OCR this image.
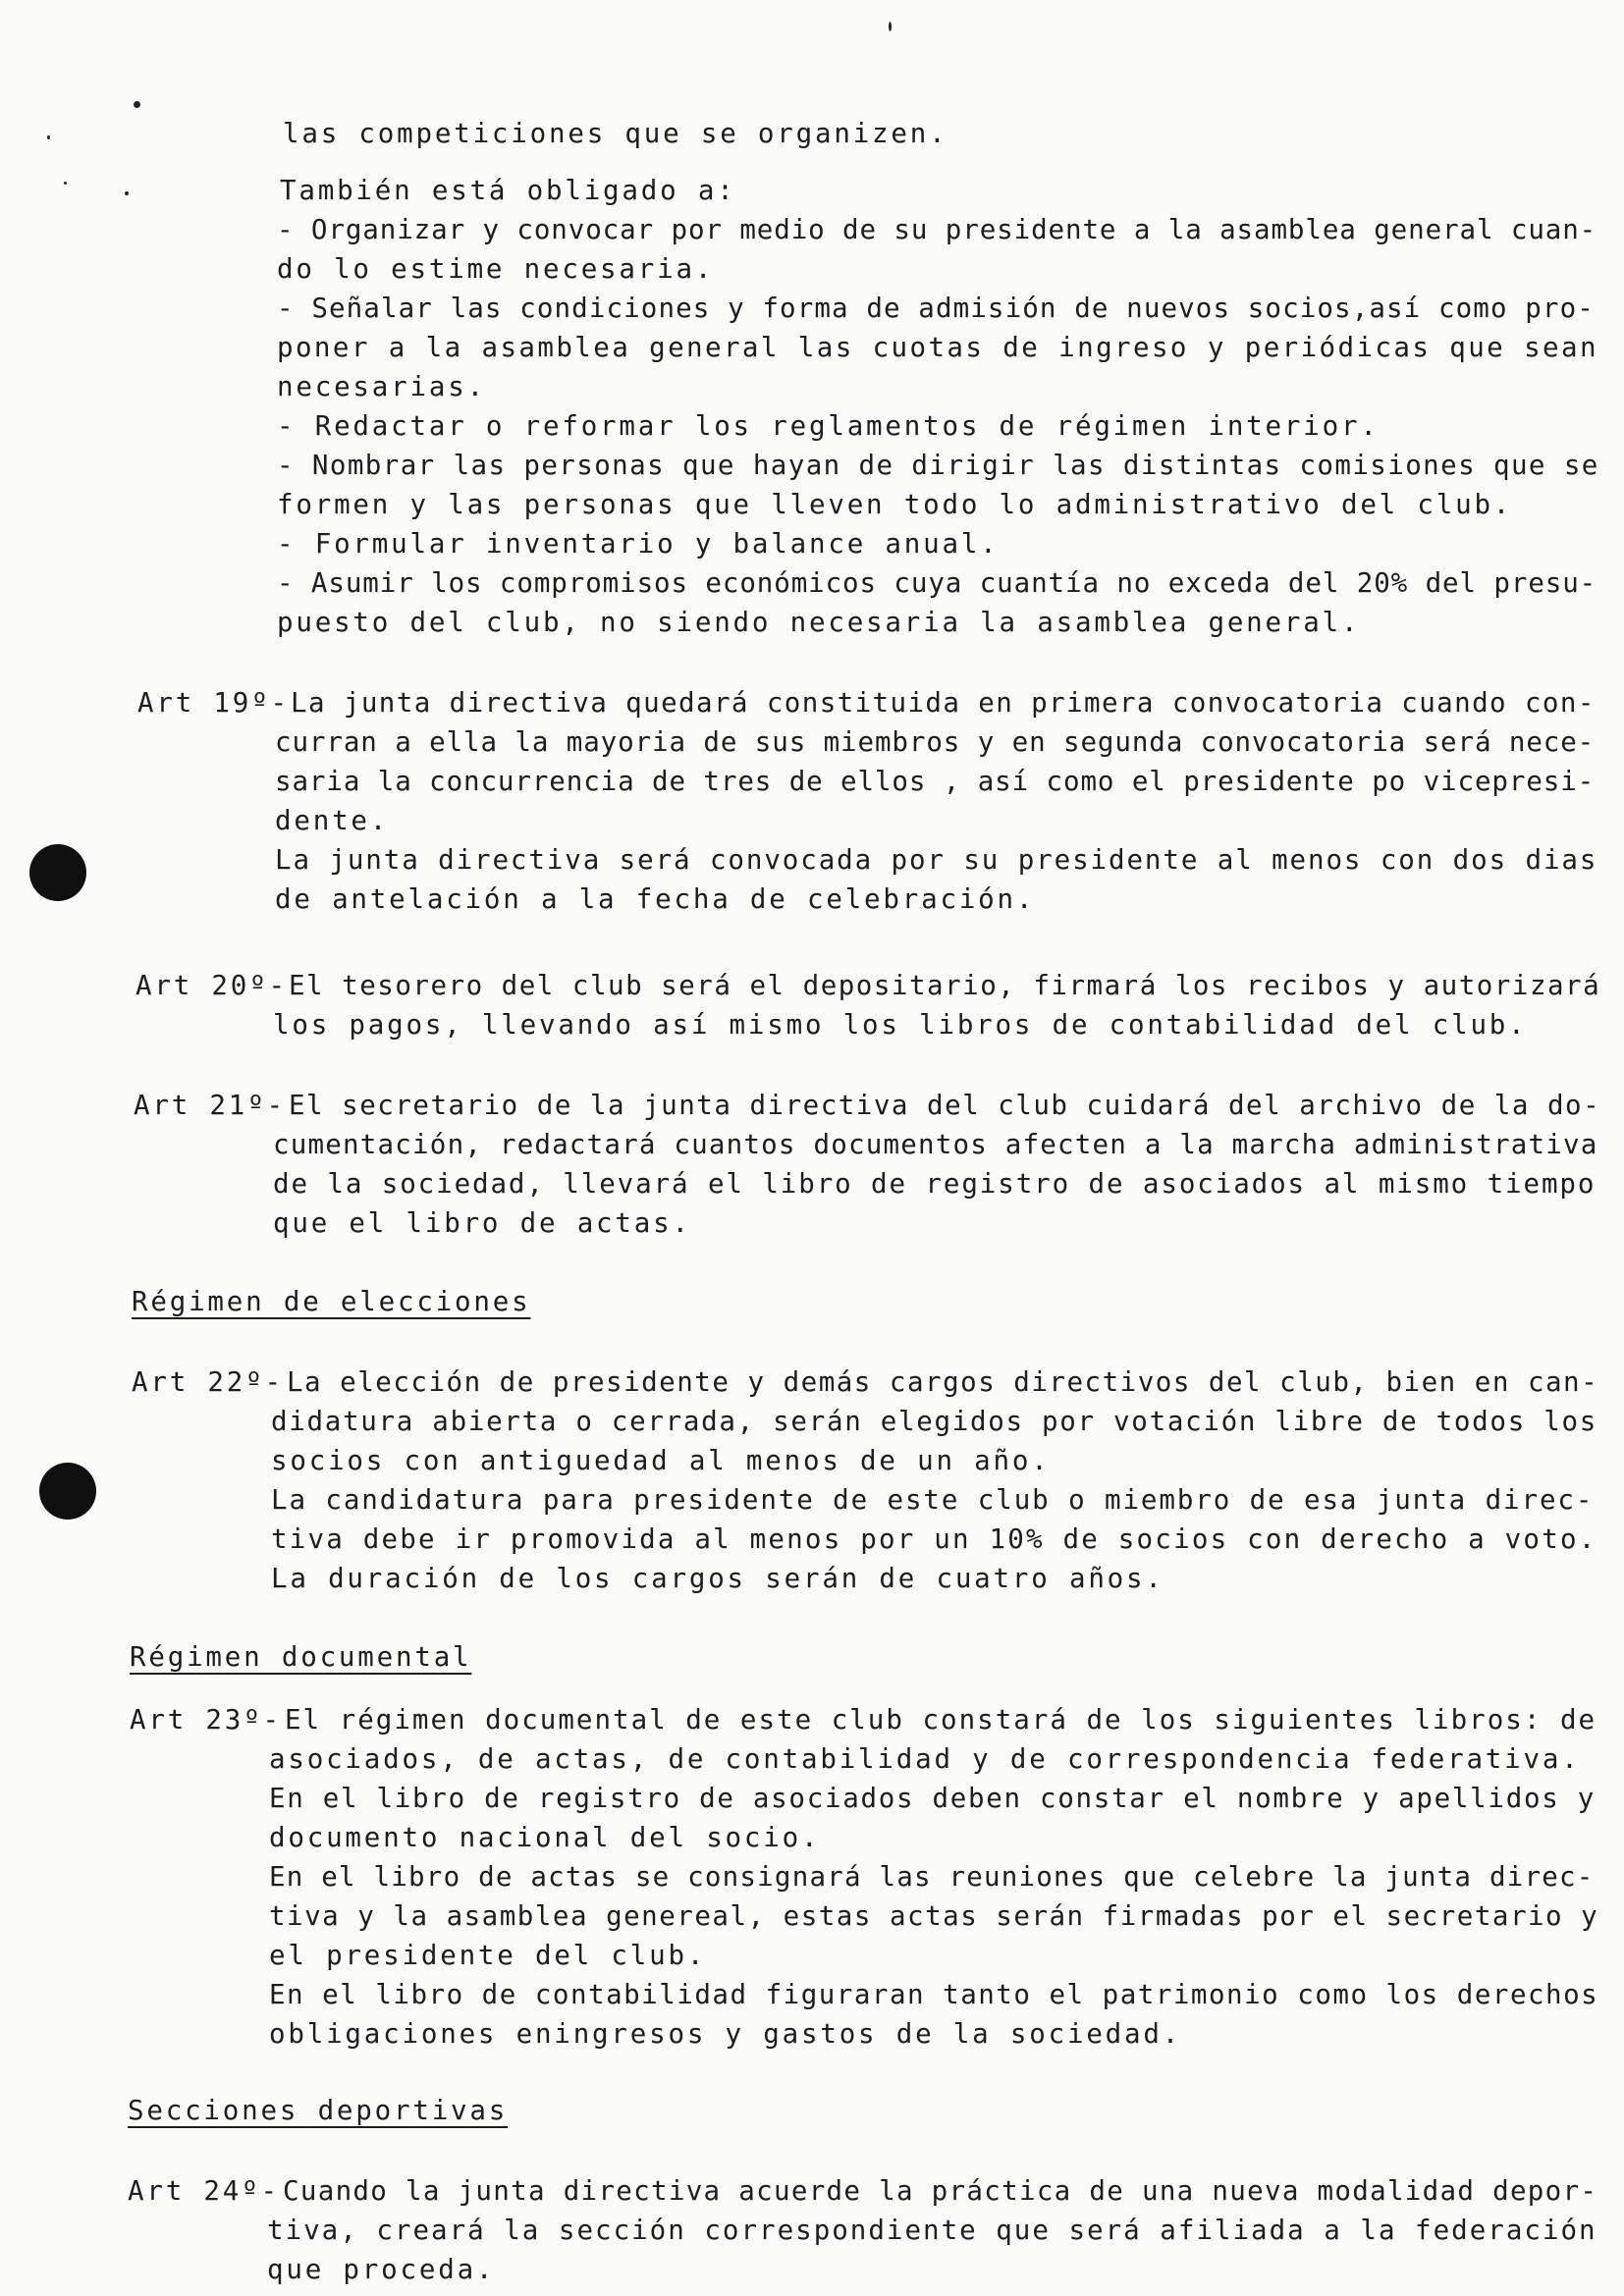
las competiciones que se organizen.
También está obligado a:
- Organizar y convocar por medio de su presidente a la asamblea general cuan-
do lo estime necesaria.
- Señalar las condiciones y forma de admisión de nuevos socios,así como pro-
poner a la asamblea general las cuotas de ingreso y periódicas que sean
necesarias.
- Redactar o reformar los reglamentos de régimen interior.
- Nombrar las personas que hayan de dirigir las distintas comisiones que se
formen y las personas que lleven todo lo administrativo del club.
- Formular inventario y balance anual.
- Asumir los compromisos económicos cuya cuantía no exceda del 20% del presu-
puesto del club, no siendo necesaria la asamblea general.
Art 19º- La junta directiva quedará constituida en primera convocatoria cuando con-
curran a ella la mayoria de sus miembros y en segunda convocatoria será nece-
saria la concurrencia de tres de ellos , así como el presidente po vicepresi-
dente.
La junta directiva será convocada por su presidente al menos con dos dias
de antelación a la fecha de celebración.
Art 20º- El tesorero del club será el depositario, firmará los recibos y autorizará
los pagos, llevando así mismo los libros de contabilidad del club.
Art 21º- El secretario de la junta directiva del club cuidará del archivo de la do-
cumentación, redactará cuantos documentos afecten a la marcha administrativa
de la sociedad, llevará el libro de registro de asociados al mismo tiempo
que el libro de actas.
Régimen de elecciones
Art 22º- La elección de presidente y demás cargos directivos del club, bien en can-
didatura abierta o cerrada, serán elegidos por votación libre de todos los
socios con antiguedad al menos de un año.
La candidatura para presidente de este club o miembro de esa junta direc-
tiva debe ir promovida al menos por un 10% de socios con derecho a voto.
La duración de los cargos serán de cuatro años.
Régimen documental
Art 23º- El régimen documental de este club constará de los siguientes libros: de
asociados, de actas, de contabilidad y de correspondencia federativa.
En el libro de registro de asociados deben constar el nombre y apellidos y
documento nacional del socio.
En el libro de actas se consignará las reuniones que celebre la junta direc-
tiva y la asamblea genereal, estas actas serán firmadas por el secretario y
el presidente del club.
En el libro de contabilidad figuraran tanto el patrimonio como los derechos
obligaciones eningresos y gastos de la sociedad.
Secciones deportivas
Art 24º- Cuando la junta directiva acuerde la práctica de una nueva modalidad depor-
tiva, creará la sección correspondiente que será afiliada a la federación
que proceda.
